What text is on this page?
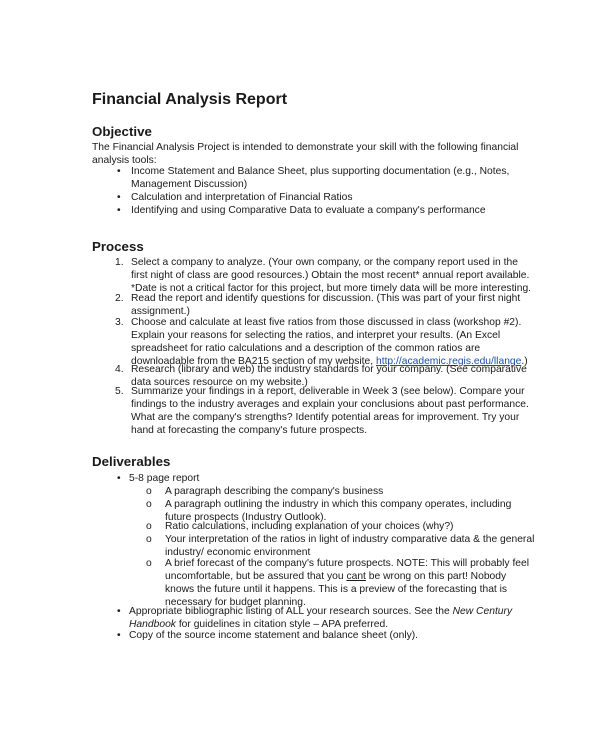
Financial Analysis Report
Objective
The Financial Analysis Project is intended to demonstrate your skill with the following financial
analysis tools:
• Income Statement and Balance Sheet, plus supporting documentation (e.g., Notes,
Management Discussion)
• Calculation and interpretation of Financial Ratios
• Identifying and using Comparative Data to evaluate a company's performance
Process
1. Select a company to analyze. (Your own company, or the company report used in the
first night of class are good resources.) Obtain the most recent* annual report available.
*Date is not a critical factor for this project, but more timely data will be more interesting.
2. Read the report and identify questions for discussion. (This was part of your first night
assignment.)
3. Choose and calculate at least five ratios from those discussed in class (workshop #2).
Explain your reasons for selecting the ratios, and interpret your results. (An Excel
spreadsheet for ratio calculations and a description of the common ratios are
downloadable from the BA215 section of my website, http://academic.regis.edu/llange.)
4. Research (library and web) the industry standards for your company. (See comparative
data sources resource on my website.)
5. Summarize your findings in a report, deliverable in Week 3 (see below). Compare your
findings to the industry averages and explain your conclusions about past performance.
What are the company's strengths? Identify potential areas for improvement. Try your
hand at forecasting the company's future prospects.
Deliverables
• 5-8 page report
o A paragraph describing the company's business
o A paragraph outlining the industry in which this company operates, including
future prospects (Industry Outlook).
o Ratio calculations, including explanation of your choices (why?)
o Your interpretation of the ratios in light of industry comparative data & the general
industry/ economic environment
o A brief forecast of the company's future prospects. NOTE: This will probably feel
uncomfortable, but be assured that you cant be wrong on this part! Nobody
knows the future until it happens. This is a preview of the forecasting that is
necessary for budget planning.
• Appropriate bibliographic listing of ALL your research sources. See the New Century
Handbook for guidelines in citation style – APA preferred.
• Copy of the source income statement and balance sheet (only).
